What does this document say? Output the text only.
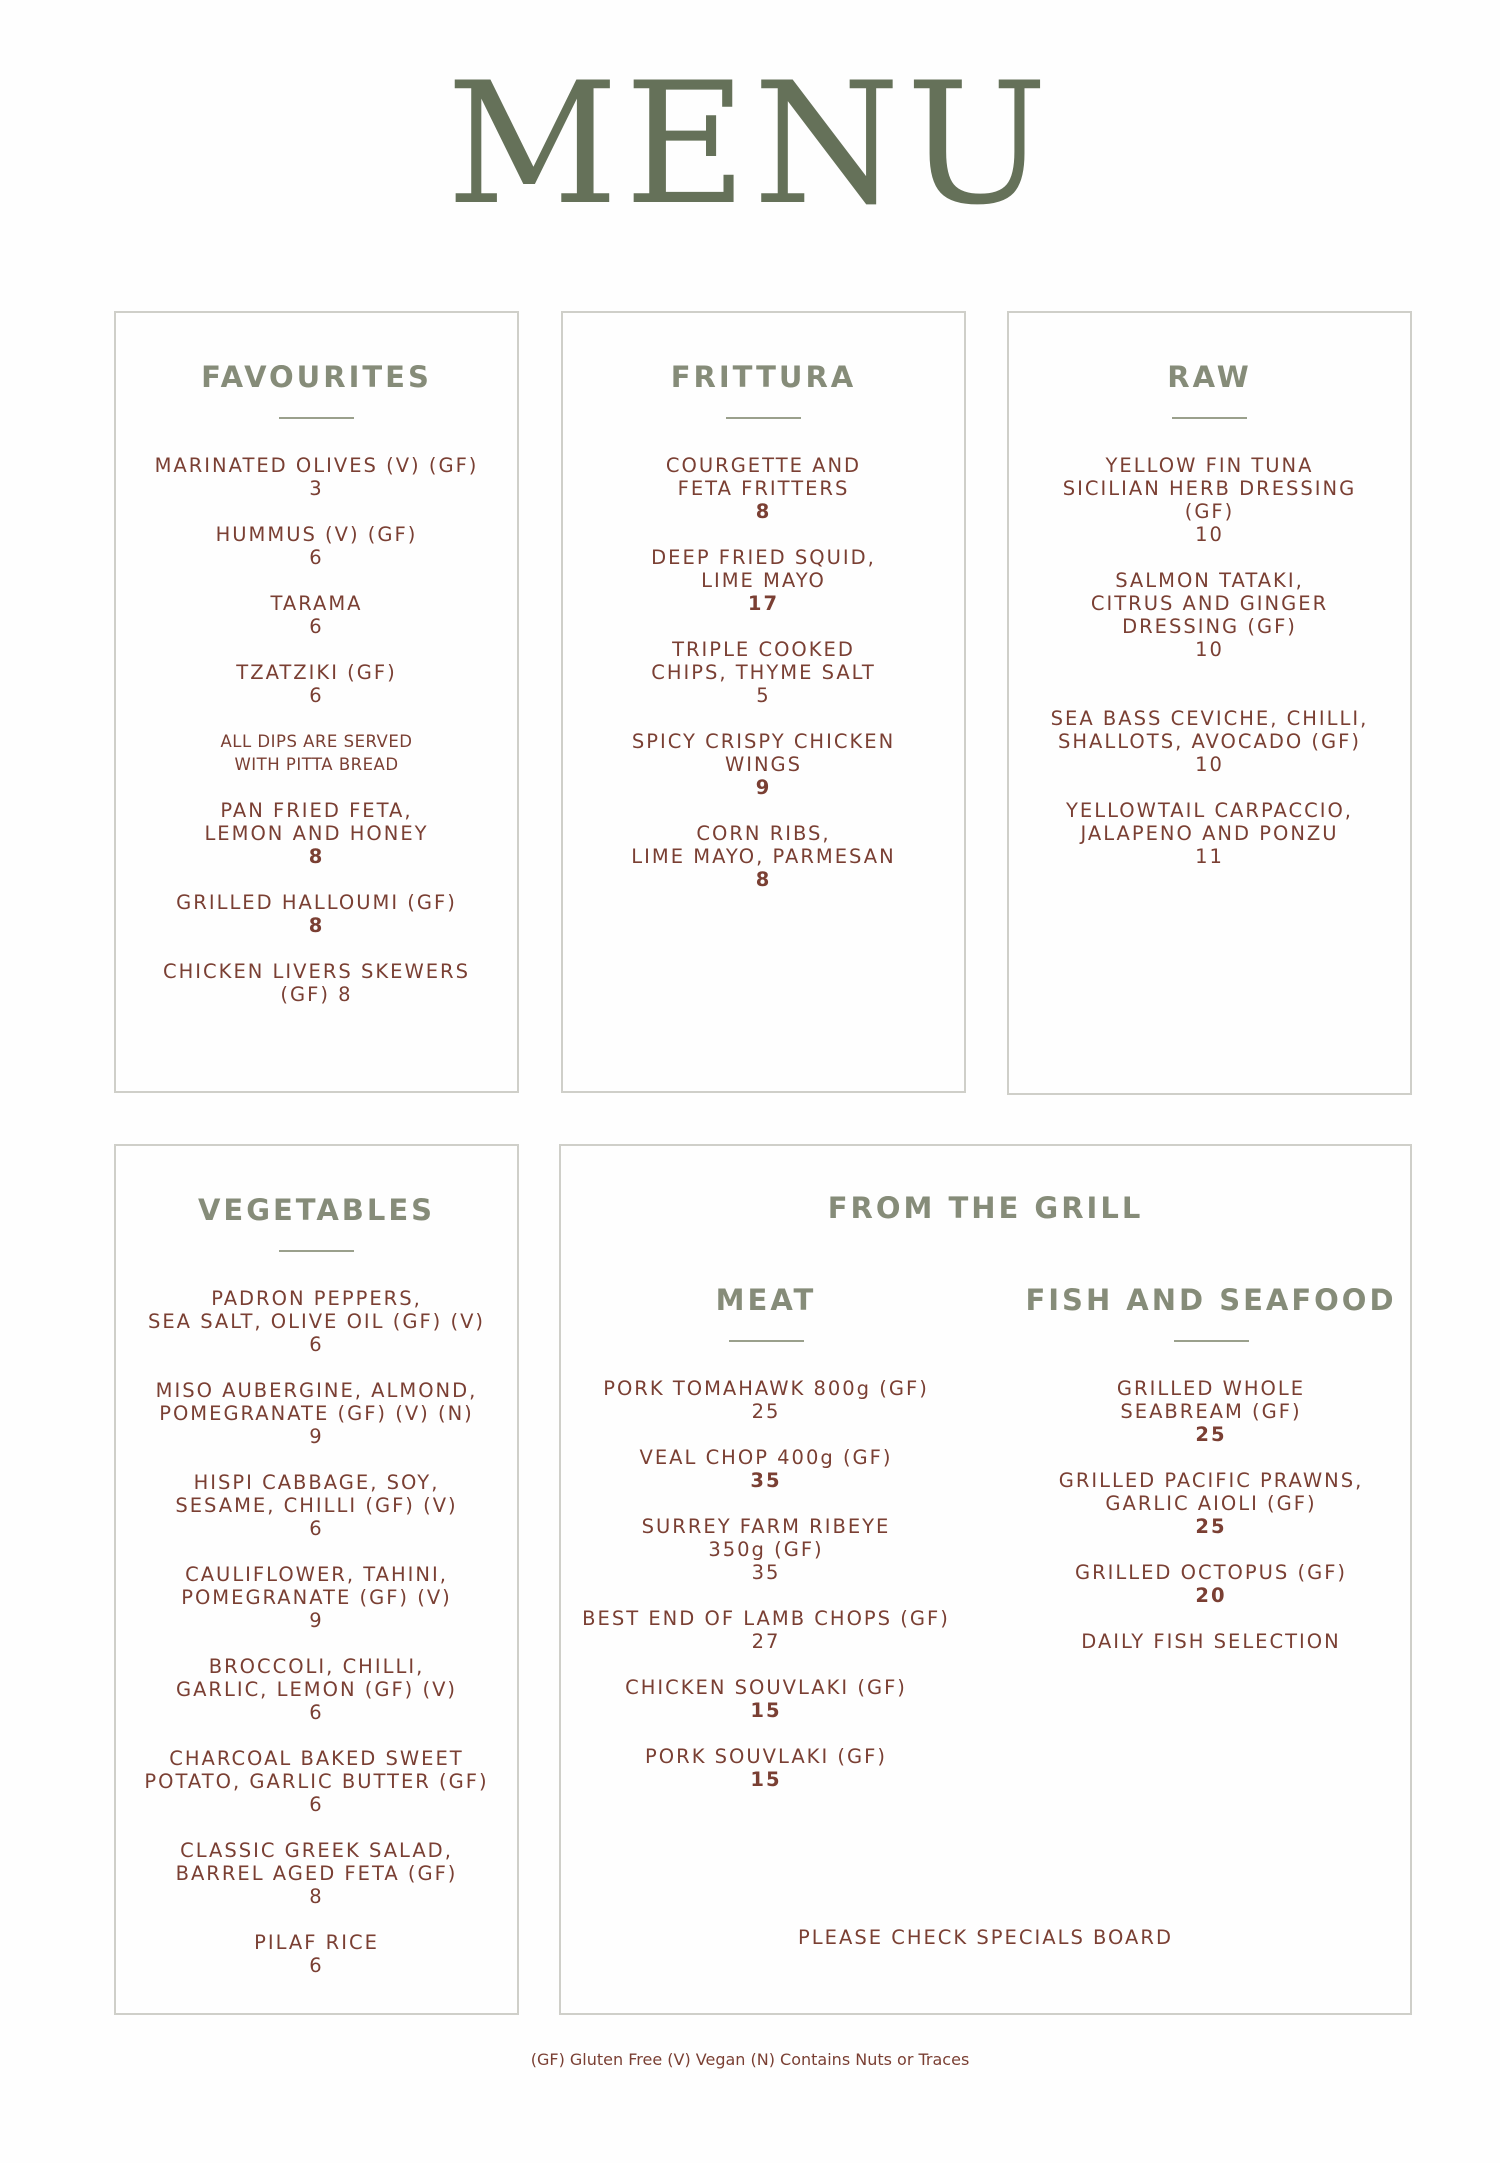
MENU
FAVOURITES
MARINATED OLIVES (V) (GF)
3
HUMMUS (V) (GF)
6
TARAMA
6
TZATZIKI (GF)
6
ALL DIPS ARE SERVED
WITH PITTA BREAD
PAN FRIED FETA,
LEMON AND HONEY
8
GRILLED HALLOUMI (GF)
8
CHICKEN LIVERS SKEWERS
(GF) 8
FRITTURA
COURGETTE AND
FETA FRITTERS
8
DEEP FRIED SQUID,
LIME MAYO
17
TRIPLE COOKED
CHIPS, THYME SALT
5
SPICY CRISPY CHICKEN
WINGS
9
CORN RIBS,
LIME MAYO, PARMESAN
8
RAW
YELLOW FIN TUNA
SICILIAN HERB DRESSING
(GF)
10
SALMON TATAKI,
CITRUS AND GINGER
DRESSING (GF)
10
SEA BASS CEVICHE, CHILLI,
SHALLOTS, AVOCADO (GF)
10
YELLOWTAIL CARPACCIO,
JALAPENO AND PONZU
11
VEGETABLES
PADRON PEPPERS,
SEA SALT, OLIVE OIL (GF) (V)
6
MISO AUBERGINE, ALMOND,
POMEGRANATE (GF) (V) (N)
9
HISPI CABBAGE, SOY,
SESAME, CHILLI (GF) (V)
6
CAULIFLOWER, TAHINI,
POMEGRANATE (GF) (V)
9
BROCCOLI, CHILLI,
GARLIC, LEMON (GF) (V)
6
CHARCOAL BAKED SWEET
POTATO, GARLIC BUTTER (GF)
6
CLASSIC GREEK SALAD,
BARREL AGED FETA (GF)
8
PILAF RICE
6
FROM THE GRILL
MEAT
PORK TOMAHAWK 800g (GF)
25
VEAL CHOP 400g (GF)
35
SURREY FARM RIBEYE
350g (GF)
35
BEST END OF LAMB CHOPS (GF)
27
CHICKEN SOUVLAKI (GF)
15
PORK SOUVLAKI (GF)
15
FISH AND SEAFOOD
GRILLED WHOLE
SEABREAM (GF)
25
GRILLED PACIFIC PRAWNS,
GARLIC AIOLI (GF)
25
GRILLED OCTOPUS (GF)
20
DAILY FISH SELECTION
PLEASE CHECK SPECIALS BOARD
(GF) Gluten Free (V) Vegan (N) Contains Nuts or Traces
